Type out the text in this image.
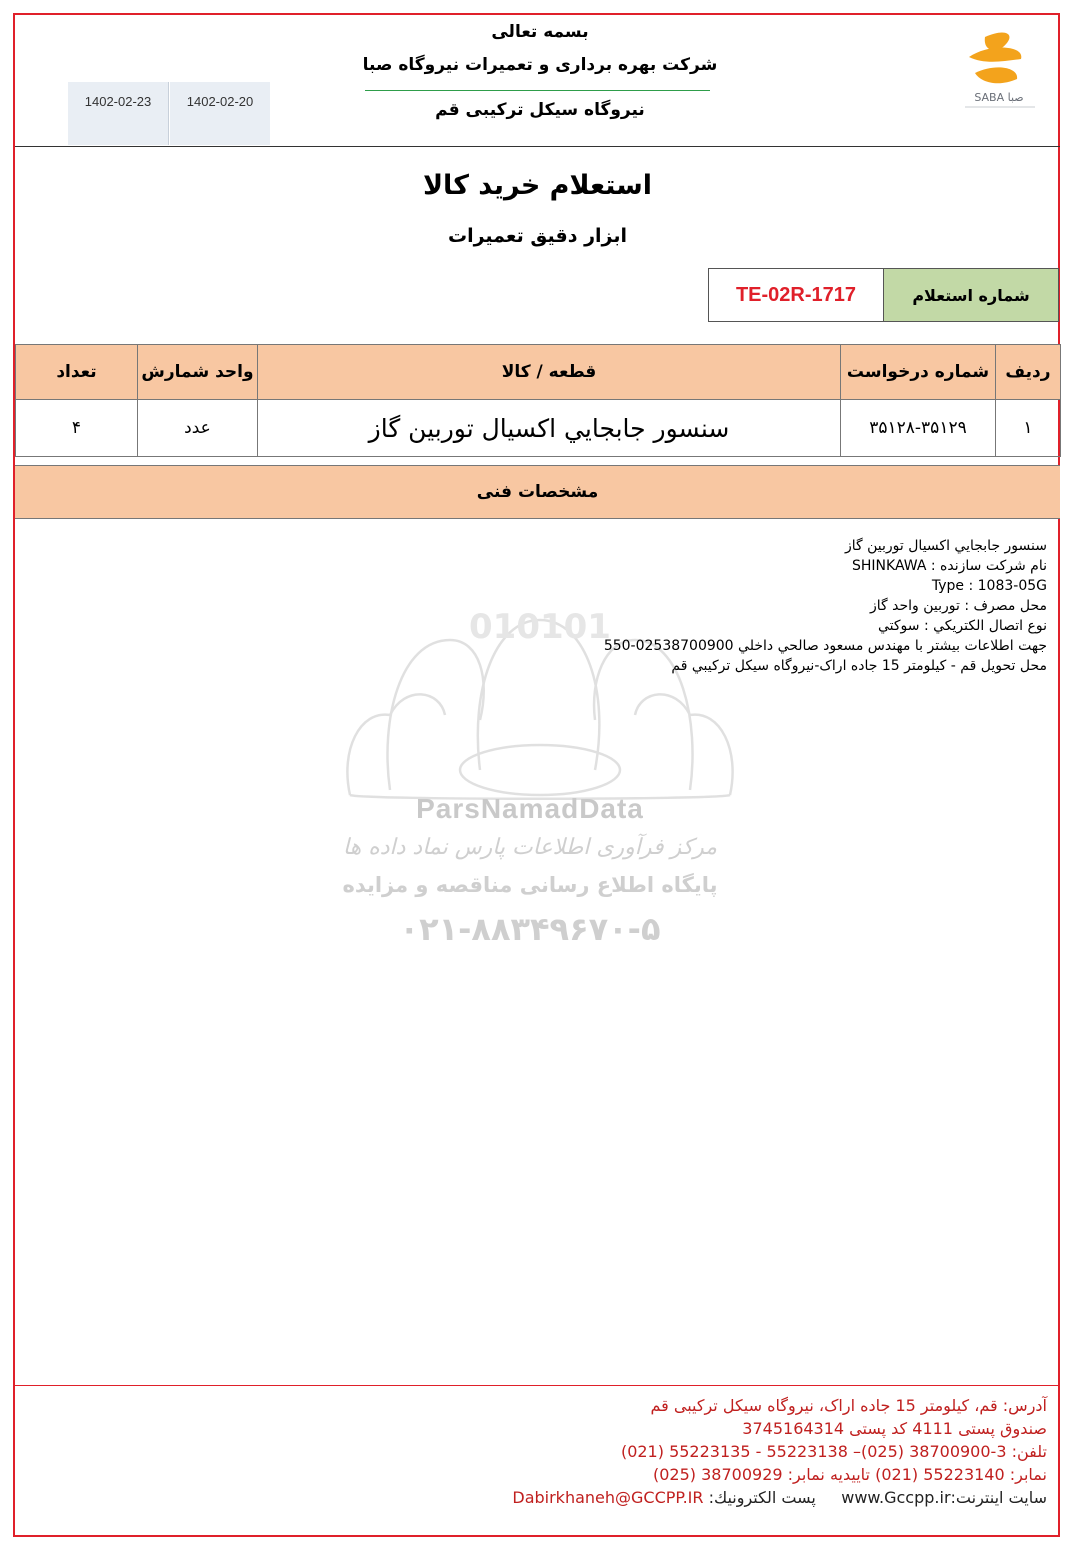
بسمه تعالی
شرکت بهره برداری و تعمیرات نیروگاه صبا
نیروگاه سیکل ترکیبی قم
1402-02-20
1402-02-23	SABA صبا
استعلام خرید کالا
ابزار دقیق تعمیرات
شماره استعلام
TE-02R-1717
ردیف	شماره درخواست	قطعه / کالا	واحد شمارش	تعداد
۱	۳۵۱۲۸-۳۵۱۲۹	سنسور جابجايي اکسيال توربين گاز	عدد	۴
مشخصات فنی
010101
ParsNamadData
مرکز فرآوری اطلاعات پارس نماد داده ها
پایگاه اطلاع رسانی مناقصه و مزایده
۰۲۱-۸۸۳۴۹۶۷۰-۵
سنسور جابجايي اکسيال توربين گاز
نام شرکت سازنده : SHINKAWA
Type : 1083-05G
محل مصرف : توربين واحد گاز
نوع اتصال الکتريکي : سوکتي
جهت اطلاعات بيشتر با مهندس مسعود صالحي داخلي 02538700900-550
محل تحويل قم - کيلومتر 15 جاده اراک-نيروگاه سيکل ترکيبي قم
آدرس: قم، کیلومتر 15 جاده اراک، نیروگاه سیکل ترکیبی قم
صندوق پستی 4111 کد پستی 3745164314
تلفن: 3-38700900 (025)– 55223138 - 55223135 (021)
نمابر: 55223140 (021) تاییدیه نمابر: 38700929 (025)
سایت اینترنت:www.Gccpp.ir     پست الکترونیك: Dabirkhaneh@GCCPP.IR
